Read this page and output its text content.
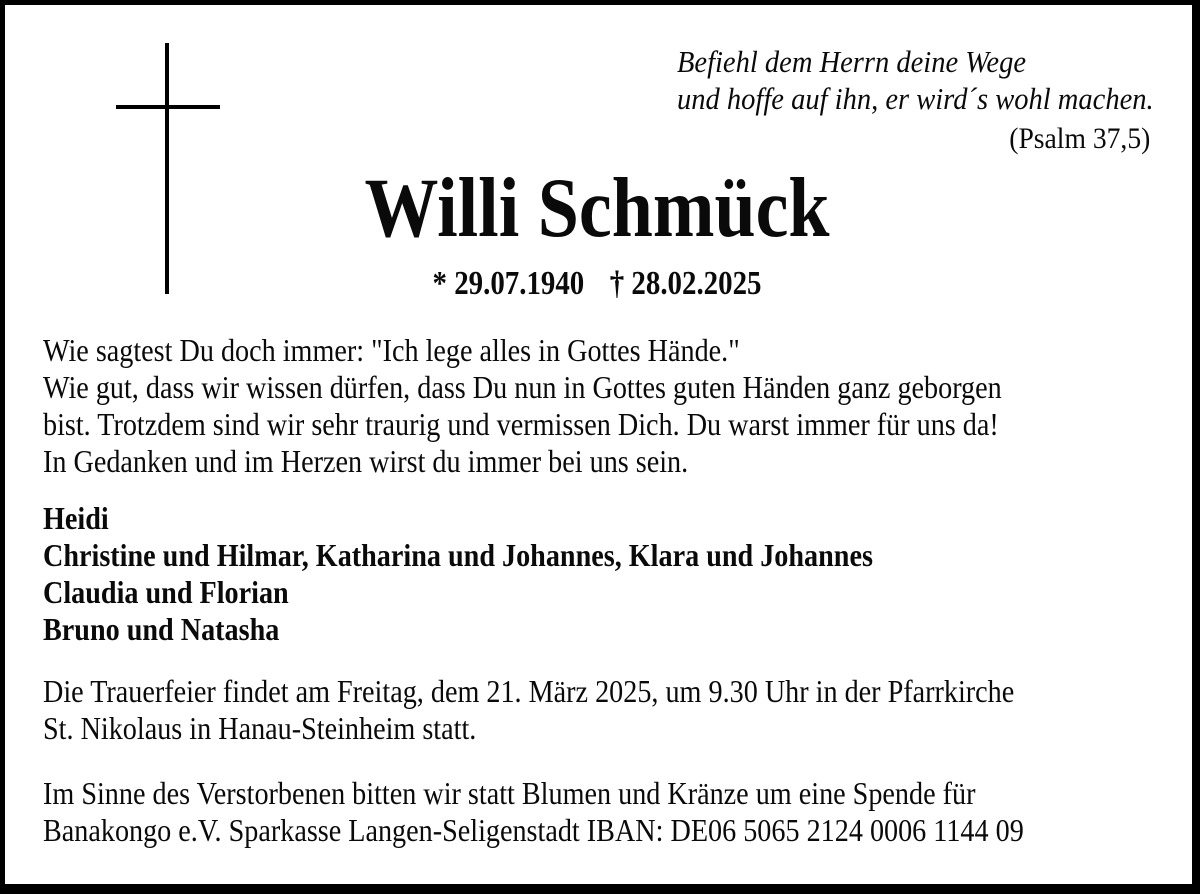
Befiehl dem Herrn deine Wege
und hoffe auf ihn, er wird´s wohl machen.
(Psalm 37,5)
Willi Schmück
* 29.07.1940 † 28.02.2025
Wie sagtest Du doch immer: "Ich lege alles in Gottes Hände."
Wie gut, dass wir wissen dürfen, dass Du nun in Gottes guten Händen ganz geborgen
bist. Trotzdem sind wir sehr traurig und vermissen Dich. Du warst immer für uns da!
In Gedanken und im Herzen wirst du immer bei uns sein.
Heidi
Christine und Hilmar, Katharina und Johannes, Klara und Johannes
Claudia und Florian
Bruno und Natasha
Die Trauerfeier findet am Freitag, dem 21. März 2025, um 9.30 Uhr in der Pfarrkirche
St. Nikolaus in Hanau-Steinheim statt.
Im Sinne des Verstorbenen bitten wir statt Blumen und Kränze um eine Spende für
Banakongo e.V. Sparkasse Langen-Seligenstadt IBAN: DE06 5065 2124 0006 1144 09
